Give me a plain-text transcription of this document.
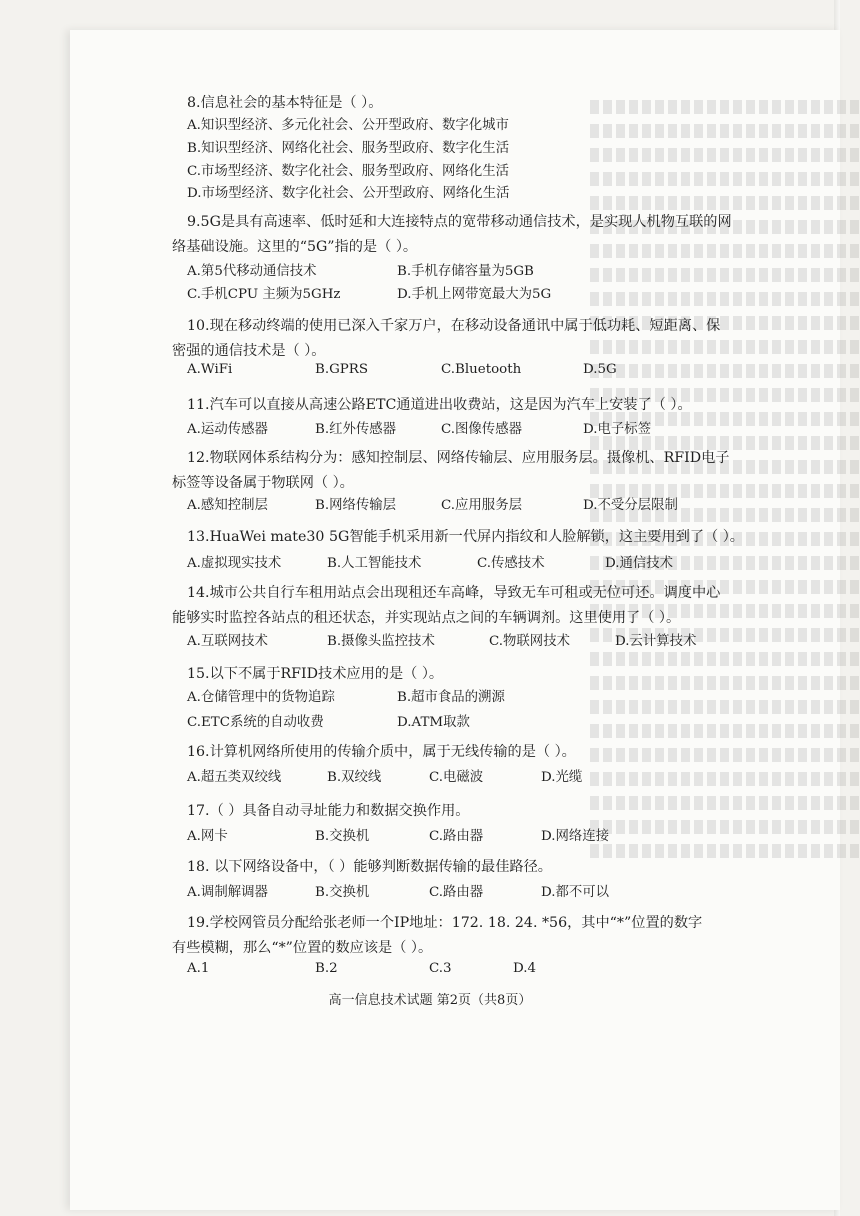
8.信息社会的基本特征是（ ）。
A.知识型经济、多元化社会、公开型政府、数字化城市
B.知识型经济、网络化社会、服务型政府、数字化生活
C.市场型经济、数字化社会、服务型政府、网络化生活
D.市场型经济、数字化社会、公开型政府、网络化生活
9.5G是具有高速率、低时延和大连接特点的宽带移动通信技术，是实现人机物互联的网
络基础设施。这里的“5G”指的是（ ）。
A.第5代移动通信技术	B.手机存储容量为5GB
C.手机CPU 主频为5GHz	D.手机上网带宽最大为5G
10.现在移动终端的使用已深入千家万户，在移动设备通讯中属于低功耗、短距离、保
密强的通信技术是（ ）。
A.WiFi	B.GPRS	C.Bluetooth	D.5G
11.汽车可以直接从高速公路ETC通道进出收费站，这是因为汽车上安装了（ ）。
A.运动传感器	B.红外传感器	C.图像传感器	D.电子标签
12.物联网体系结构分为：感知控制层、网络传输层、应用服务层。摄像机、RFID电子
标签等设备属于物联网（ ）。
A.感知控制层	B.网络传输层	C.应用服务层	D.不受分层限制
13.HuaWei mate30 5G智能手机采用新一代屏内指纹和人脸解锁，这主要用到了（ ）。
A.虚拟现实技术	B.人工智能技术	C.传感技术	D.通信技术
14.城市公共自行车租用站点会出现租还车高峰，导致无车可租或无位可还。调度中心
能够实时监控各站点的租还状态，并实现站点之间的车辆调剂。这里使用了（ ）。
A.互联网技术	B.摄像头监控技术	C.物联网技术	D.云计算技术
15.以下不属于RFID技术应用的是（ ）。
A.仓储管理中的货物追踪	B.超市食品的溯源
C.ETC系统的自动收费	D.ATM取款
16.计算机网络所使用的传输介质中，属于无线传输的是（ ）。
A.超五类双绞线	B.双绞线	C.电磁波	D.光缆
17.（ ）具备自动寻址能力和数据交换作用。
A.网卡	B.交换机	C.路由器	D.网络连接
18. 以下网络设备中，（ ）能够判断数据传输的最佳路径。
A.调制解调器	B.交换机	C.路由器	D.都不可以
19.学校网管员分配给张老师一个IP地址：172. 18. 24. *56，其中“*”位置的数字
有些模糊，那么“*”位置的数应该是（ ）。
A.1	B.2	C.3	D.4
高一信息技术试题 第2页（共8页）
